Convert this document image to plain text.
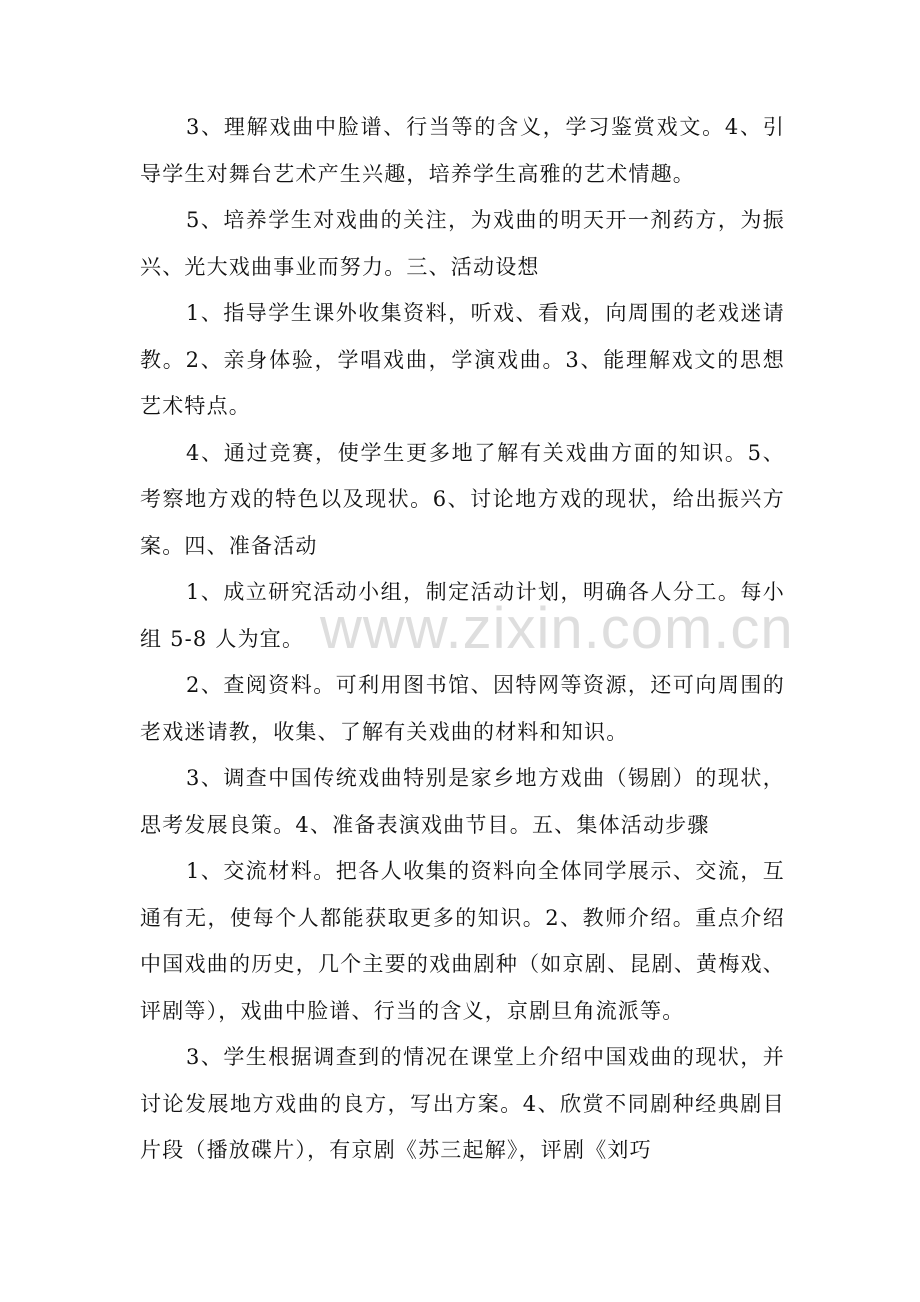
3、理解戏曲中脸谱、行当等的含义，学习鉴赏戏文。4、引导学生对舞台艺术产生兴趣，培养学生高雅的艺术情趣。

5、培养学生对戏曲的关注，为戏曲的明天开一剂药方，为振兴、光大戏曲事业而努力。三、活动设想

1、指导学生课外收集资料，听戏、看戏，向周围的老戏迷请教。2、亲身体验，学唱戏曲，学演戏曲。3、能理解戏文的思想艺术特点。

4、通过竞赛，使学生更多地了解有关戏曲方面的知识。5、考察地方戏的特色以及现状。6、讨论地方戏的现状，给出振兴方案。四、准备活动

1、成立研究活动小组，制定活动计划，明确各人分工。每小组 5-8 人为宜。

2、查阅资料。可利用图书馆、因特网等资源，还可向周围的老戏迷请教，收集、了解有关戏曲的材料和知识。

3、调查中国传统戏曲特别是家乡地方戏曲（锡剧）的现状，思考发展良策。4、准备表演戏曲节目。五、集体活动步骤

1、交流材料。把各人收集的资料向全体同学展示、交流，互通有无，使每个人都能获取更多的知识。2、教师介绍。重点介绍中国戏曲的历史，几个主要的戏曲剧种（如京剧、昆剧、黄梅戏、评剧等），戏曲中脸谱、行当的含义，京剧旦角流派等。

3、学生根据调查到的情况在课堂上介绍中国戏曲的现状，并讨论发展地方戏曲的良方，写出方案。4、欣赏不同剧种经典剧目片段（播放碟片），有京剧《苏三起解》，评剧《刘巧

www.zixin.com.cn
